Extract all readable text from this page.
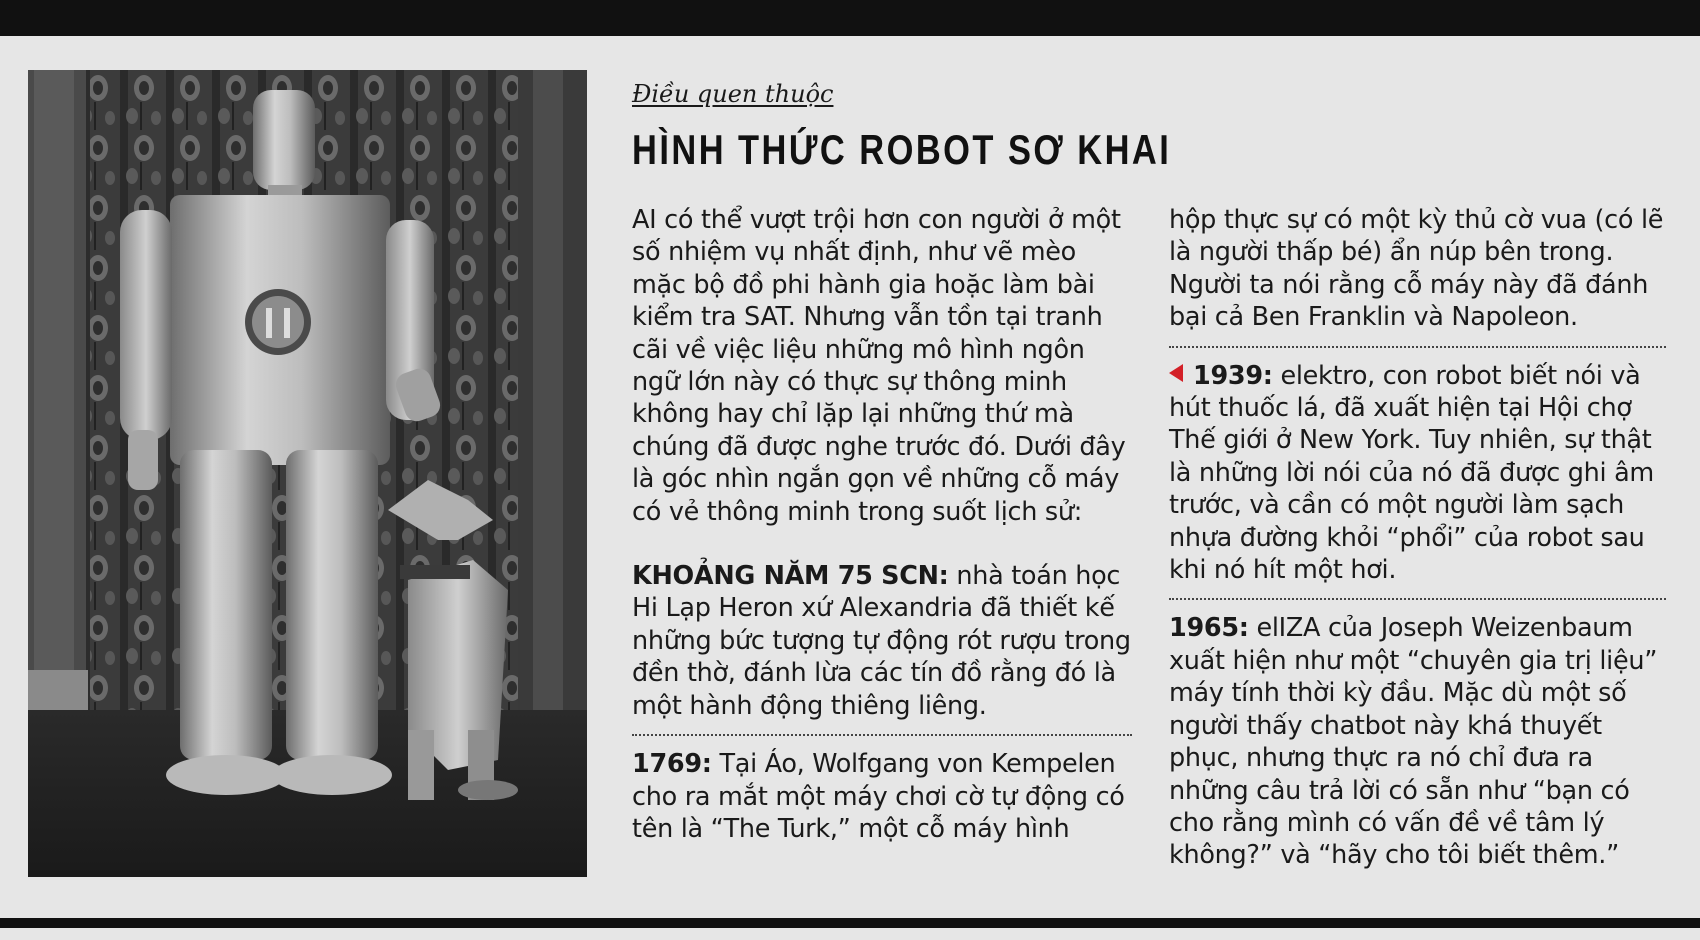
Điều quen thuộc
HÌNH THỨC ROBOT SƠ KHAI

AI có thể vượt trội hơn con người ở một số nhiệm vụ nhất định, như vẽ mèo mặc bộ đồ phi hành gia hoặc làm bài kiểm tra SAT. Nhưng vẫn tồn tại tranh cãi về việc liệu những mô hình ngôn ngữ lớn này có thực sự thông minh không hay chỉ lặp lại những thứ mà chúng đã được nghe trước đó. Dưới đây là góc nhìn ngắn gọn về những cỗ máy có vẻ thông minh trong suốt lịch sử:

KHOẢNG NĂM 75 SCN: nhà toán học Hi Lạp Heron xứ Alexandria đã thiết kế những bức tượng tự động rót rượu trong đền thờ, đánh lừa các tín đồ rằng đó là một hành động thiêng liêng.

1769: Tại Áo, Wolfgang von Kempelen cho ra mắt một máy chơi cờ tự động có tên là “The Turk,” một cỗ máy hình

hộp thực sự có một kỳ thủ cờ vua (có lẽ là người thấp bé) ẩn núp bên trong. Người ta nói rằng cỗ máy này đã đánh bại cả Ben Franklin và Napoleon.

1939: elektro, con robot biết nói và hút thuốc lá, đã xuất hiện tại Hội chợ Thế giới ở New York. Tuy nhiên, sự thật là những lời nói của nó đã được ghi âm trước, và cần có một người làm sạch nhựa đường khỏi “phổi” của robot sau khi nó hít một hơi.

1965: elIZA của Joseph Weizenbaum xuất hiện như một “chuyên gia trị liệu” máy tính thời kỳ đầu. Mặc dù một số người thấy chatbot này khá thuyết phục, nhưng thực ra nó chỉ đưa ra những câu trả lời có sẵn như “bạn có cho rằng mình có vấn đề về tâm lý không?” và “hãy cho tôi biết thêm.”
